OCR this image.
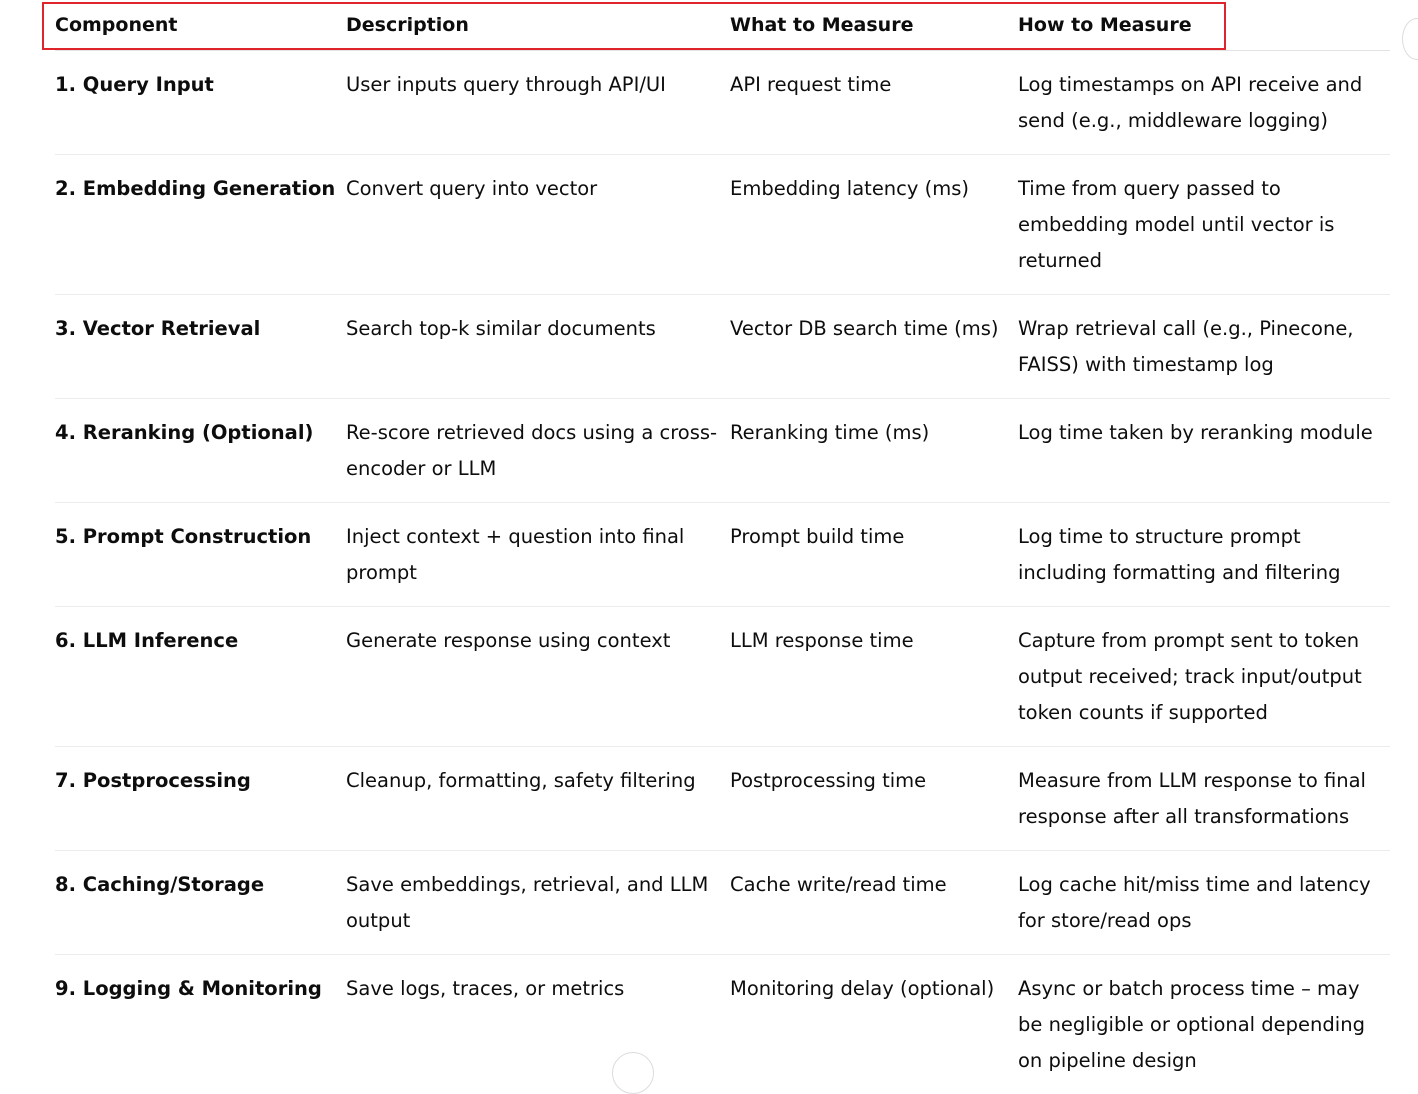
Component	Description	What to Measure	How to Measure
1. Query Input	User inputs query through API/UI	API request time	Log timestamps on API receive and send (e.g., middleware logging)
2. Embedding Generation	Convert query into vector	Embedding latency (ms)	Time from query passed to embedding model until vector is returned
3. Vector Retrieval	Search top-k similar documents	Vector DB search time (ms)	Wrap retrieval call (e.g., Pinecone, FAISS) with timestamp log
4. Reranking (Optional)	Re-score retrieved docs using a cross-encoder or LLM	Reranking time (ms)	Log time taken by reranking module
5. Prompt Construction	Inject context + question into final prompt	Prompt build time	Log time to structure prompt including formatting and filtering
6. LLM Inference	Generate response using context	LLM response time	Capture from prompt sent to token output received; track input/output token counts if supported
7. Postprocessing	Cleanup, formatting, safety filtering	Postprocessing time	Measure from LLM response to final response after all transformations
8. Caching/Storage	Save embeddings, retrieval, and LLM output	Cache write/read time	Log cache hit/miss time and latency for store/read ops
9. Logging & Monitoring	Save logs, traces, or metrics	Monitoring delay (optional)	Async or batch process time – may be negligible or optional depending on pipeline design
